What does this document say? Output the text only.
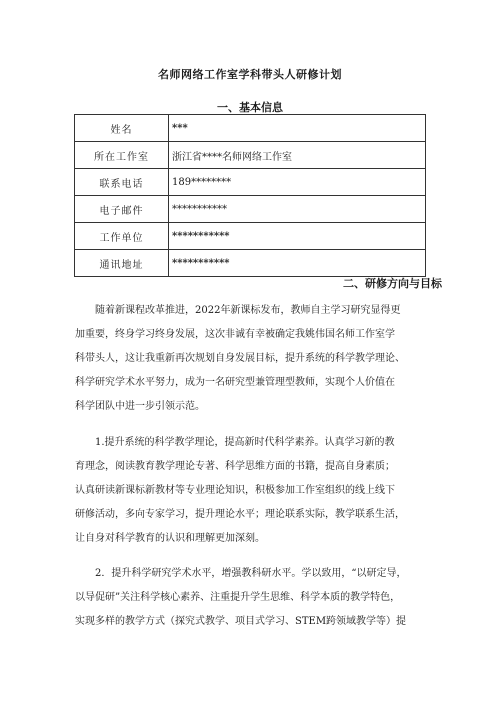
名师网络工作室学科带头人研修计划
一、基本信息
姓名	***
所在工作室	浙江省****名师网络工作室
联系电话	189********
电子邮件	***********
工作单位	***********
通讯地址	***********
二、研修方向与目标
随着新课程改革推进，2022年新课标发布，教师自主学习研究显得更
加重要，终身学习终身发展，这次非诚有幸被确定我姚伟国名师工作室学
科带头人，这让我重新再次规划自身发展目标，提升系统的科学教学理论、
科学研究学术水平努力，成为一名研究型兼管理型教师，实现个人价值在
科学团队中进一步引领示范。
1.提升系统的科学教学理论，提高新时代科学素养。认真学习新的教
育理念，阅读教育教学理论专著、科学思维方面的书籍，提高自身素质；
认真研读新课标新教材等专业理论知识，积极参加工作室组织的线上线下
研修活动，多向专家学习，提升理论水平；理论联系实际，教学联系生活，
让自身对科学教育的认识和理解更加深刻。
2．提升科学研究学术水平，增强教科研水平。学以致用，“以研定导，
以导促研”关注科学核心素养、注重提升学生思维、科学本质的教学特色，
实现多样的教学方式（探究式教学、项目式学习、STEM跨领域教学等）提
